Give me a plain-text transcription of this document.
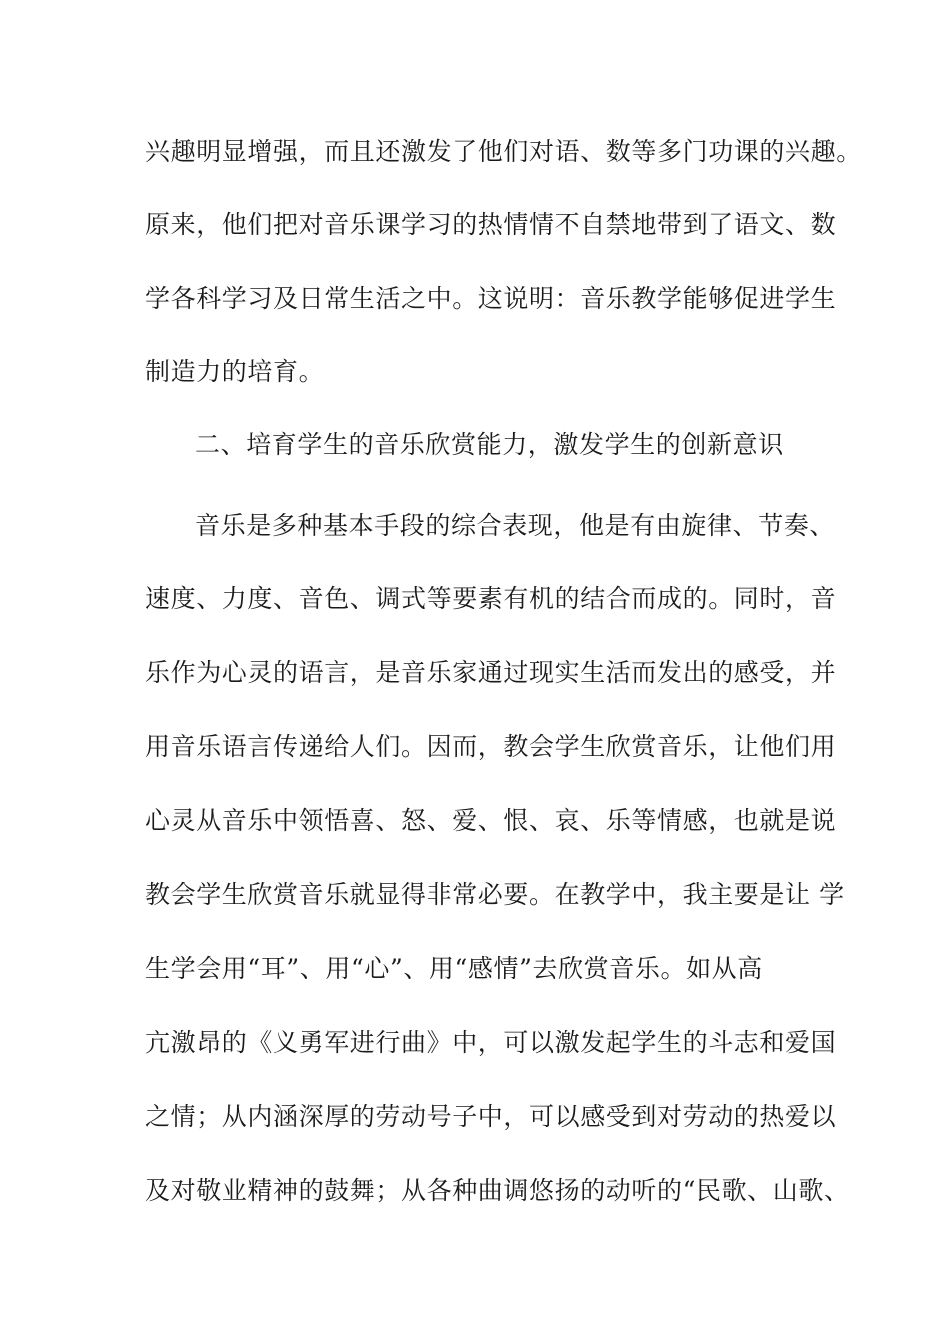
兴趣明显增强，而且还激发了他们对语、数等多门功课的兴趣。
原来，他们把对音乐课学习的热情情不自禁地带到了语文、数
学各科学习及日常生活之中。这说明：音乐教学能够促进学生
制造力的培育。
二、培育学生的音乐欣赏能力，激发学生的创新意识
音乐是多种基本手段的综合表现，他是有由旋律、节奏、
速度、力度、音色、调式等要素有机的结合而成的。同时，音
乐作为心灵的语言，是音乐家通过现实生活而发出的感受，并
用音乐语言传递给人们。因而，教会学生欣赏音乐，让他们用
心灵从音乐中领悟喜、怒、爱、恨、哀、乐等情感，也就是说
教会学生欣赏音乐就显得非常必要。在教学中，我主要是让 学
生学会用“耳”、用“心”、用“感情”去欣赏音乐。如从高
亢激昂的《义勇军进行曲》中，可以激发起学生的斗志和爱国
之情；从内涵深厚的劳动号子中，可以感受到对劳动的热爱以
及对敬业精神的鼓舞；从各种曲调悠扬的动听的“民歌、山歌、
